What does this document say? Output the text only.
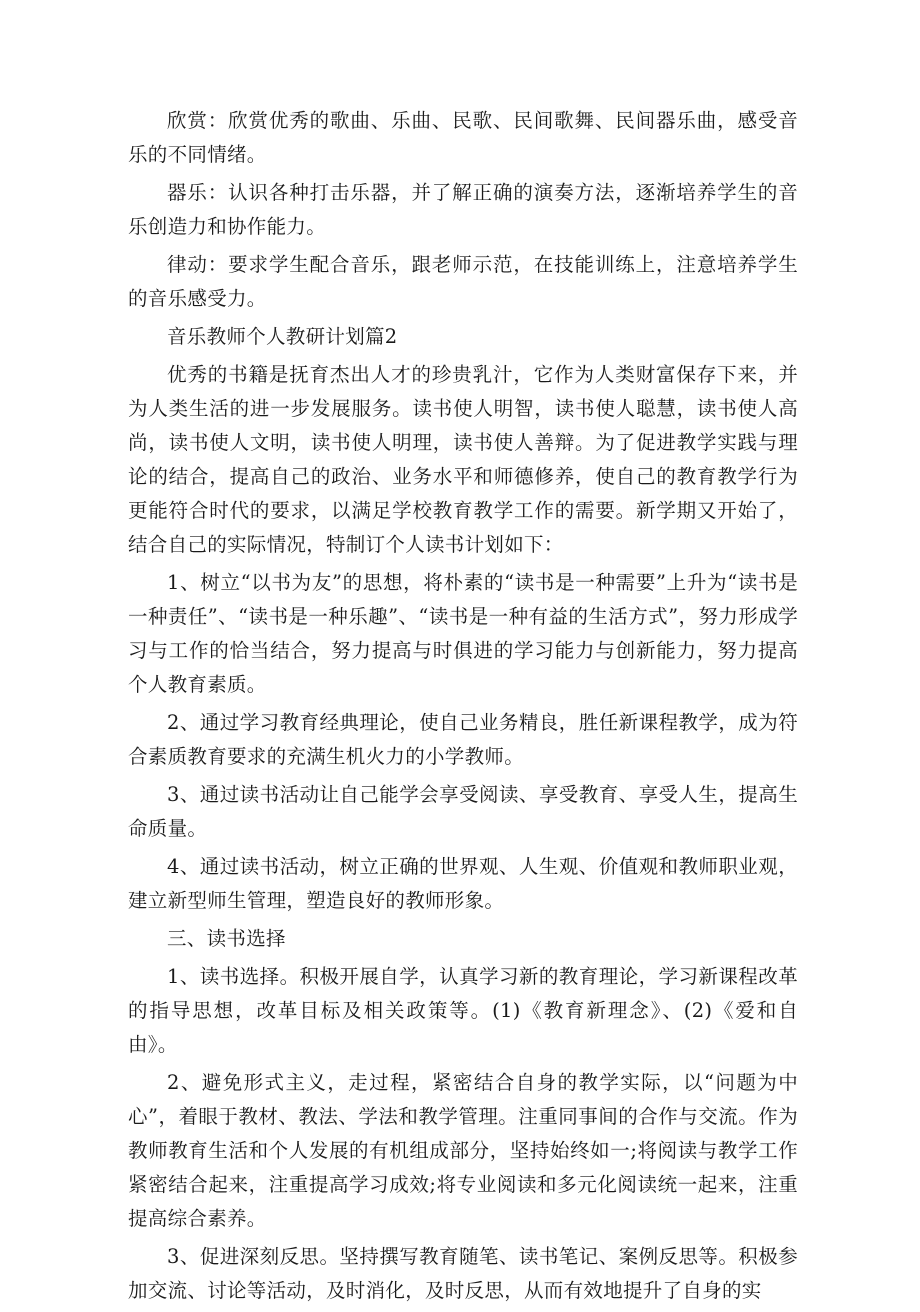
欣赏：欣赏优秀的歌曲、乐曲、民歌、民间歌舞、民间器乐曲，感受音乐的不同情绪。

器乐：认识各种打击乐器，并了解正确的演奏方法，逐渐培养学生的音乐创造力和协作能力。

律动：要求学生配合音乐，跟老师示范，在技能训练上，注意培养学生的音乐感受力。

音乐教师个人教研计划篇2

优秀的书籍是抚育杰出人才的珍贵乳汁，它作为人类财富保存下来，并为人类生活的进一步发展服务。读书使人明智，读书使人聪慧，读书使人高尚，读书使人文明，读书使人明理，读书使人善辩。为了促进教学实践与理论的结合，提高自己的政治、业务水平和师德修养，使自己的教育教学行为更能符合时代的要求，以满足学校教育教学工作的需要。新学期又开始了，结合自己的实际情况，特制订个人读书计划如下：

1、树立“以书为友”的思想，将朴素的“读书是一种需要”上升为“读书是一种责任”、“读书是一种乐趣”、“读书是一种有益的生活方式”，努力形成学习与工作的恰当结合，努力提高与时俱进的学习能力与创新能力，努力提高个人教育素质。

2、通过学习教育经典理论，使自己业务精良，胜任新课程教学，成为符合素质教育要求的充满生机火力的小学教师。

3、通过读书活动让自己能学会享受阅读、享受教育、享受人生，提高生命质量。

4、通过读书活动，树立正确的世界观、人生观、价值观和教师职业观，建立新型师生管理，塑造良好的教师形象。

三、读书选择

1、读书选择。积极开展自学，认真学习新的教育理论，学习新课程改革的指导思想，改革目标及相关政策等。(1)《教育新理念》、(2)《爱和自由》。

2、避免形式主义，走过程，紧密结合自身的教学实际，以“问题为中心”，着眼于教材、教法、学法和教学管理。注重同事间的合作与交流。作为教师教育生活和个人发展的有机组成部分，坚持始终如一;将阅读与教学工作紧密结合起来，注重提高学习成效;将专业阅读和多元化阅读统一起来，注重提高综合素养。

3、促进深刻反思。坚持撰写教育随笔、读书笔记、案例反思等。积极参加交流、讨论等活动，及时消化，及时反思，从而有效地提升了自身的实
